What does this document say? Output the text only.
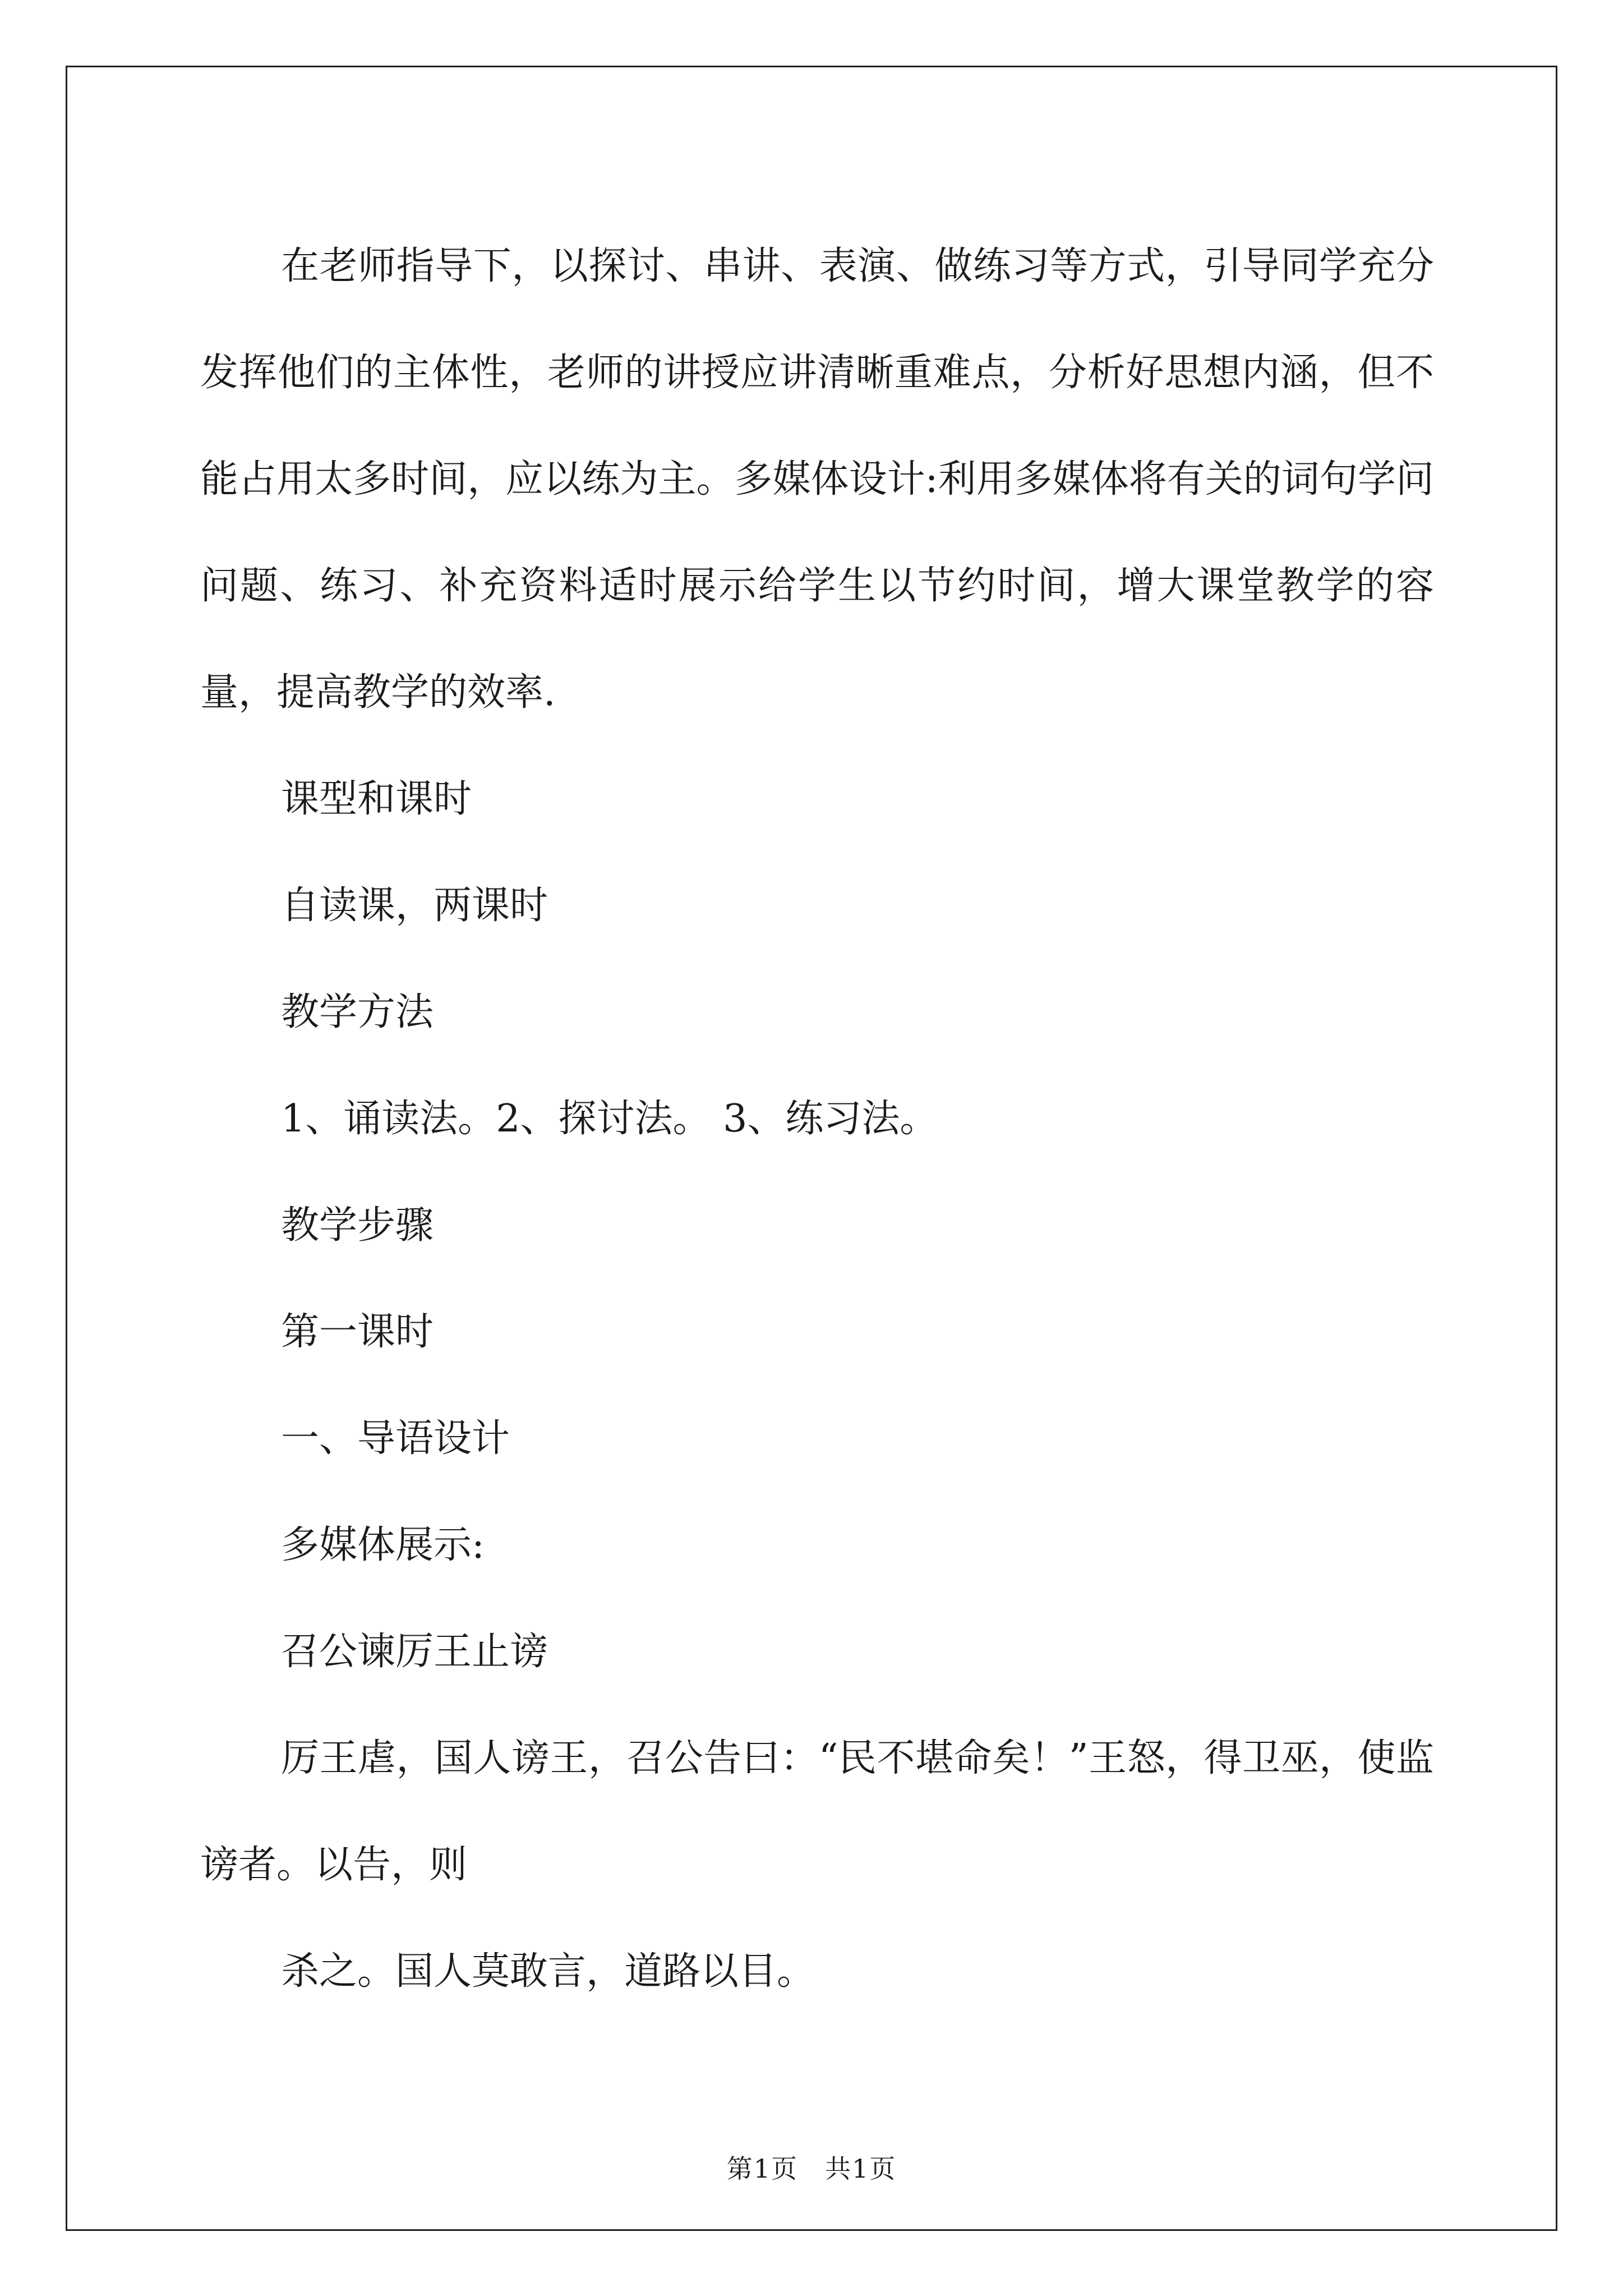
在老师指导下，以探讨、串讲、表演、做练习等方式，引导同学充分发挥他们的主体性，老师的讲授应讲清晰重难点，分析好思想内涵，但不能占用太多时间，应以练为主。多媒体设计:利用多媒体将有关的词句学问问题、练习、补充资料适时展示给学生以节约时间，增大课堂教学的容量，提高教学的效率.

课型和课时

自读课，两课时

教学方法

1、诵读法。2、探讨法。 3、练习法。

教学步骤

第一课时

一、导语设计

多媒体展示:

召公谏厉王止谤

厉王虐，国人谤王，召公告曰：“民不堪命矣！”王怒，得卫巫，使监谤者。以告，则

杀之。国人莫敢言，道路以目。

第1页　共1页
